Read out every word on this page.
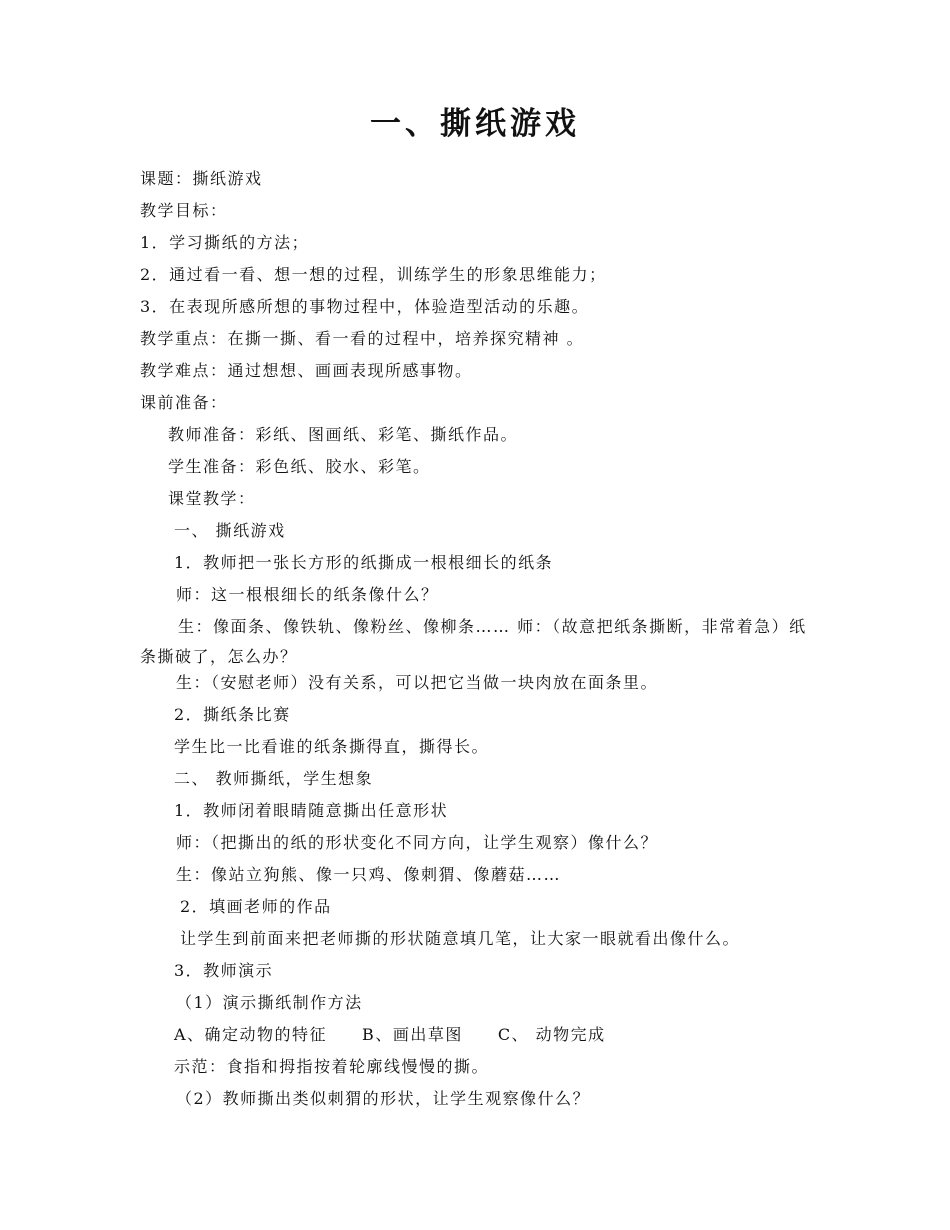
一、撕纸游戏
课题：撕纸游戏
教学目标：
1．学习撕纸的方法；
2．通过看一看、想一想的过程，训练学生的形象思维能力；
3．在表现所感所想的事物过程中，体验造型活动的乐趣。
教学重点：在撕一撕、看一看的过程中，培养探究精神 。
教学难点：通过想想、画画表现所感事物。
课前准备：
教师准备：彩纸、图画纸、彩笔、撕纸作品。
学生准备：彩色纸、胶水、彩笔。
课堂教学：
一、 撕纸游戏
1．教师把一张长方形的纸撕成一根根细长的纸条
师：这一根根细长的纸条像什么？
生：像面条、像铁轨、像粉丝、像柳条…… 师：（故意把纸条撕断，非常着急）纸条撕破了，怎么办？
生：（安慰老师）没有关系，可以把它当做一块肉放在面条里。
2．撕纸条比赛
学生比一比看谁的纸条撕得直，撕得长。
二、 教师撕纸，学生想象
1．教师闭着眼睛随意撕出任意形状
师：（把撕出的纸的形状变化不同方向，让学生观察）像什么？
生：像站立狗熊、像一只鸡、像刺猬、像蘑菇……
2．填画老师的作品
让学生到前面来把老师撕的形状随意填几笔，让大家一眼就看出像什么。
3．教师演示
（1）演示撕纸制作方法
A、确定动物的特征　　B、画出草图　　C、 动物完成
示范：食指和拇指按着轮廓线慢慢的撕。
（2）教师撕出类似刺猬的形状，让学生观察像什么？
